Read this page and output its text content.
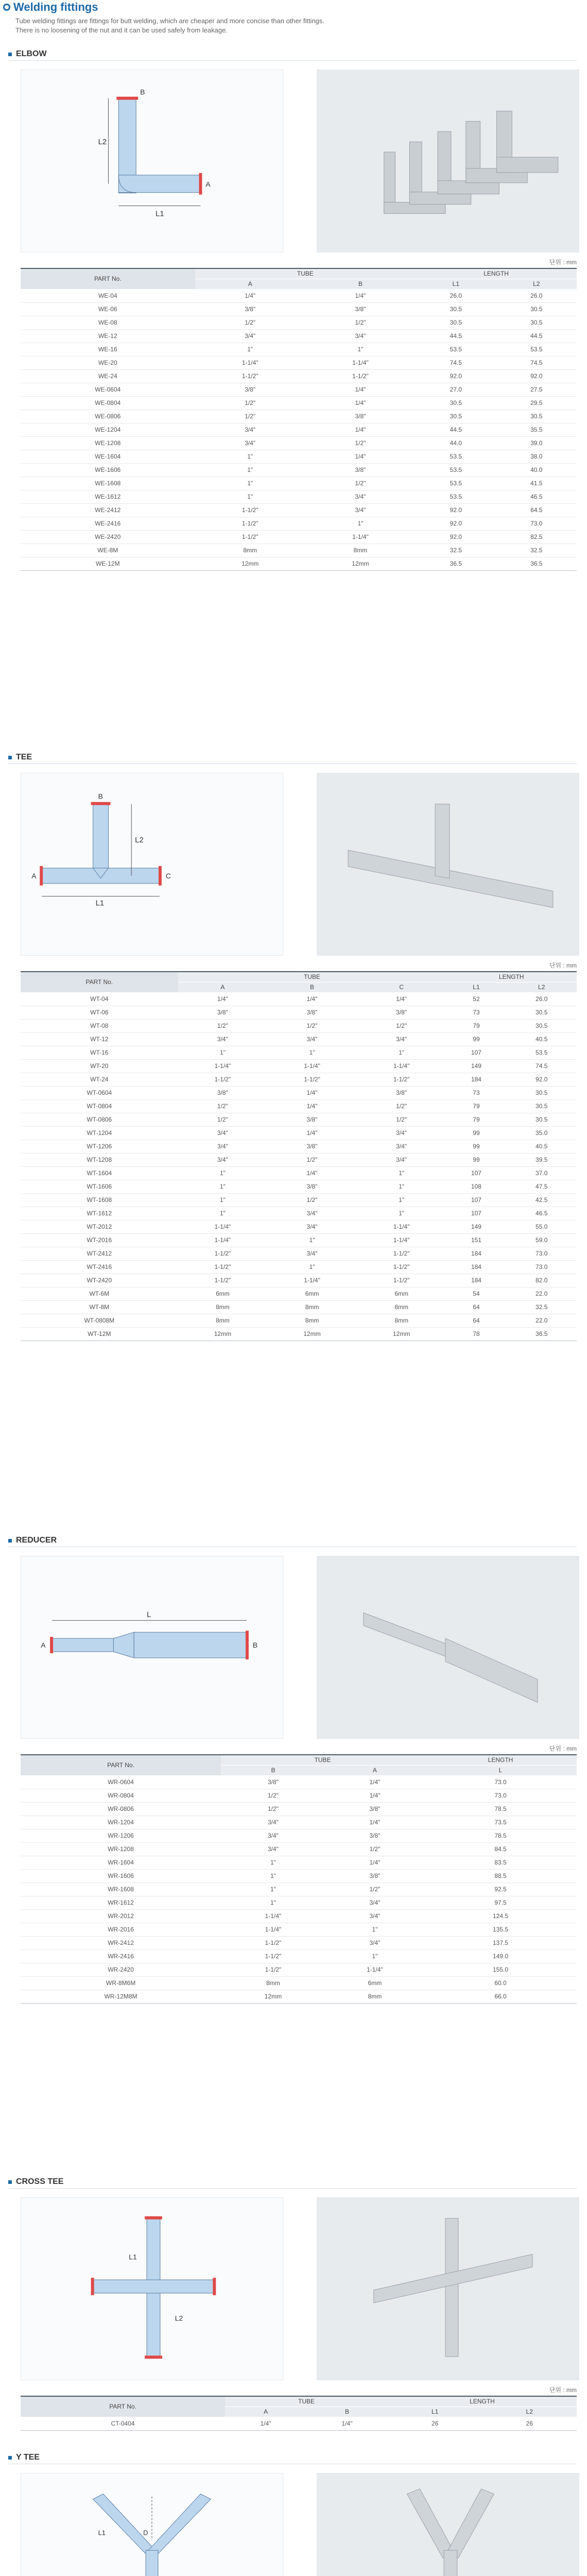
Welding fittings
Tube welding fittings are fittings for butt welding, which are cheaper and more concise than other fittings.
There is no loosening of the nut and it can be used safely from leakage.
ELBOW
L2
L1
B
A
단위 : mm
PART No.	TUBE		LENGTH	
	A	B	L1	L2
WE-04	1/4"	1/4"	26.0	26.0
WE-06	3/8"	3/8"	30.5	30.5
WE-08	1/2"	1/2"	30.5	30.5
WE-12	3/4"	3/4"	44.5	44.5
WE-16	1"	1"	53.5	53.5
WE-20	1-1/4"	1-1/4"	74.5	74.5
WE-24	1-1/2"	1-1/2"	92.0	92.0
WE-0604	3/8"	1/4"	27.0	27.5
WE-0804	1/2"	1/4"	30.5	29.5
WE-0806	1/2"	3/8"	30.5	30.5
WE-1204	3/4"	1/4"	44.5	35.5
WE-1208	3/4"	1/2"	44.0	39.0
WE-1604	1"	1/4"	53.5	38.0
WE-1606	1"	3/8"	53.5	40.0
WE-1608	1"	1/2"	53.5	41.5
WE-1612	1"	3/4"	53.5	46.5
WE-2412	1-1/2"	3/4"	92.0	64.5
WE-2416	1-1/2"	1"	92.0	73.0
WE-2420	1-1/2"	1-1/4"	92.0	82.5
WE-8M	8mm	8mm	32.5	32.5
WE-12M	12mm	12mm	36.5	36.5
TEE
L2
L1
B
A	C
단위 : mm
PART No.	TUBE			LENGTH	
	A	B	C	L1	L2
WT-04	1/4"	1/4"	1/4"	52	26.0
WT-06	3/8"	3/8"	3/8"	73	30.5
WT-08	1/2"	1/2"	1/2"	79	30.5
WT-12	3/4"	3/4"	3/4"	99	40.5
WT-16	1"	1"	1"	107	53.5
WT-20	1-1/4"	1-1/4"	1-1/4"	149	74.5
WT-24	1-1/2"	1-1/2"	1-1/2"	184	92.0
WT-0604	3/8"	1/4"	3/8"	73	30.5
WT-0804	1/2"	1/4"	1/2"	79	30.5
WT-0806	1/2"	3/8"	1/2"	79	30.5
WT-1204	3/4"	1/4"	3/4"	99	35.0
WT-1206	3/4"	3/8"	3/4"	99	40.5
WT-1208	3/4"	1/2"	3/4"	99	39.5
WT-1604	1"	1/4"	1"	107	37.0
WT-1606	1"	3/8"	1"	108	47.5
WT-1608	1"	1/2"	1"	107	42.5
WT-1612	1"	3/4"	1"	107	46.5
WT-2012	1-1/4"	3/4"	1-1/4"	149	55.0
WT-2016	1-1/4"	1"	1-1/4"	151	59.0
WT-2412	1-1/2"	3/4"	1-1/2"	184	73.0
WT-2416	1-1/2"	1"	1-1/2"	184	73.0
WT-2420	1-1/2"	1-1/4"	1-1/2"	184	82.0
WT-6M	6mm	6mm	6mm	54	22.0
WT-8M	8mm	8mm	8mm	64	32.5
WT-0808M	8mm	8mm	8mm	64	22.0
WT-12M	12mm	12mm	12mm	78	36.5
REDUCER
L
A	B
단위 : mm
PART No.	TUBE		LENGTH
	B	A	L
WR-0604	3/8"	1/4"	73.0
WR-0804	1/2"	1/4"	73.0
WR-0806	1/2"	3/8"	78.5
WR-1204	3/4"	1/4"	73.5
WR-1206	3/4"	3/8"	78.5
WR-1208	3/4"	1/2"	84.5
WR-1604	1"	1/4"	83.5
WR-1606	1"	3/8"	88.5
WR-1608	1"	1/2"	92.5
WR-1612	1"	3/4"	97.5
WR-2012	1-1/4"	3/4"	124.5
WR-2016	1-1/4"	1"	135.5
WR-2412	1-1/2"	3/4"	137.5
WR-2416	1-1/2"	1"	149.0
WR-2420	1-1/2"	1-1/4"	155.0
WR-8M6M	8mm	6mm	60.0
WR-12M8M	12mm	8mm	66.0
CROSS TEE
L1
L2
단위 : mm
PART No.	TUBE		LENGTH	
	A	B	L1	L2
CT-0404	1/4"	1/4"	26	26
Y TEE
D
L1
